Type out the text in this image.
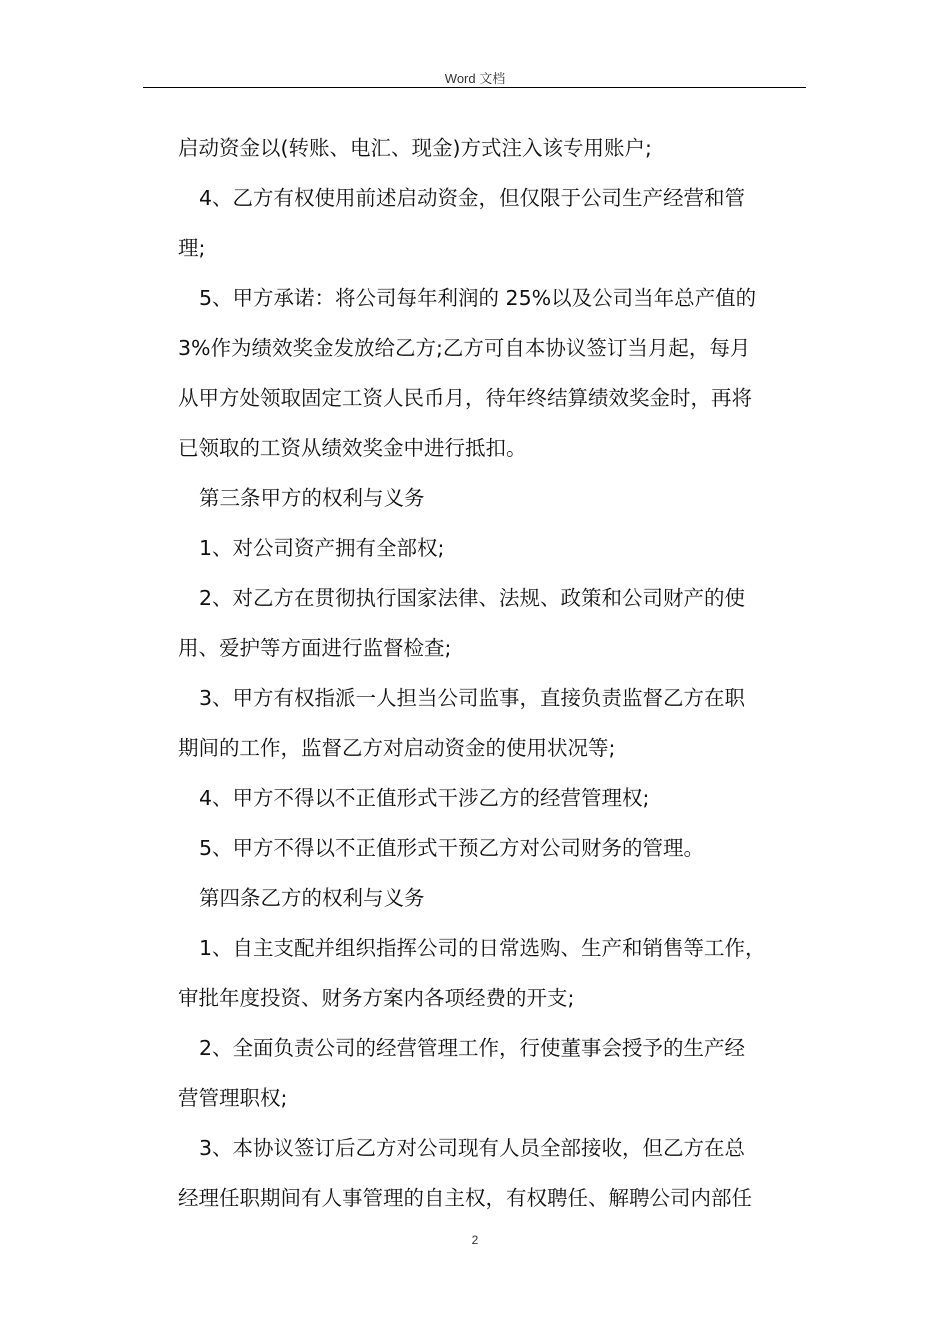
Word 文档
启动资金以(转账、电汇、现金)方式注入该专用账户;
4、乙方有权使用前述启动资金，但仅限于公司生产经营和管
理;
5、甲方承诺：将公司每年利润的 25%以及公司当年总产值的
3%作为绩效奖金发放给乙方;乙方可自本协议签订当月起，每月
从甲方处领取固定工资人民币月，待年终结算绩效奖金时，再将
已领取的工资从绩效奖金中进行抵扣。
第三条甲方的权利与义务
1、对公司资产拥有全部权;
2、对乙方在贯彻执行国家法律、法规、政策和公司财产的使
用、爱护等方面进行监督检查;
3、甲方有权指派一人担当公司监事，直接负责监督乙方在职
期间的工作，监督乙方对启动资金的使用状况等;
4、甲方不得以不正值形式干涉乙方的经营管理权;
5、甲方不得以不正值形式干预乙方对公司财务的管理。
第四条乙方的权利与义务
1、自主支配并组织指挥公司的日常选购、生产和销售等工作，
审批年度投资、财务方案内各项经费的开支;
2、全面负责公司的经营管理工作，行使董事会授予的生产经
营管理职权;
3、本协议签订后乙方对公司现有人员全部接收，但乙方在总
经理任职期间有人事管理的自主权，有权聘任、解聘公司内部任
2
